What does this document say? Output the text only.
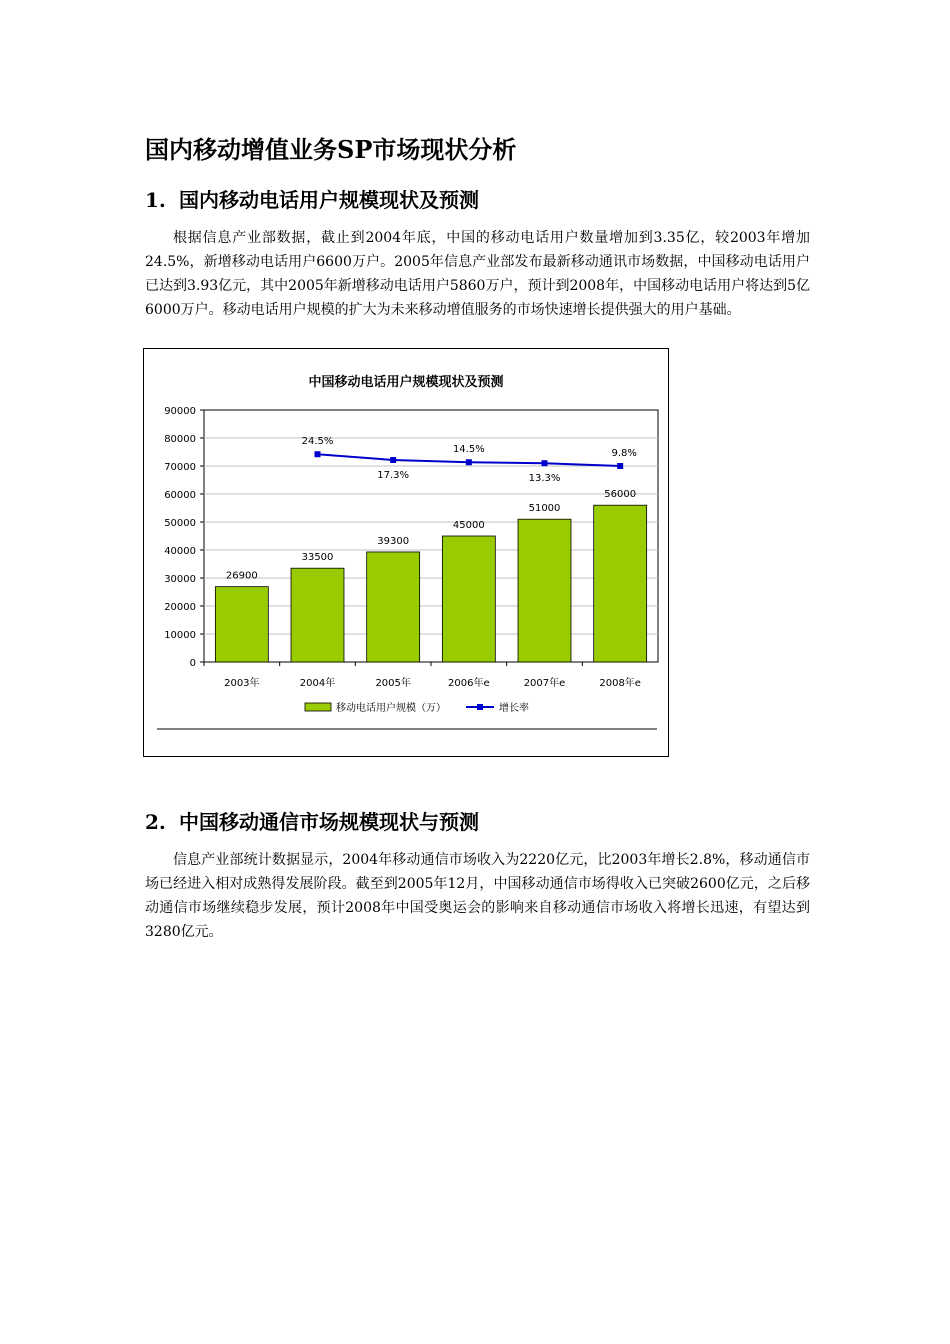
国内移动增值业务SP市场现状分析
1. 国内移动电话用户规模现状及预测
根据信息产业部数据，截止到2004年底，中国的移动电话用户数量增加到3.35亿，较2003年增加24.5%，新增移动电话用户6600万户。2005年信息产业部发布最新移动通讯市场数据，中国移动电话用户已达到3.93亿元，其中2005年新增移动电话用户5860万户，预计到2008年，中国移动电话用户将达到5亿6000万户。移动电话用户规模的扩大为未来移动增值服务的市场快速增长提供强大的用户基础。
中国移动电话用户规模现状及预测
0
10000
20000
30000
40000
50000
60000
70000
80000
90000
26900
2003年
33500
2004年
39300
2005年
45000
2006年e
51000
2007年e
56000
2008年e
24.5%
17.3%
14.5%
13.3%
9.8%
移动电话用户规模（万）	增长率
2. 中国移动通信市场规模现状与预测
信息产业部统计数据显示，2004年移动通信市场收入为2220亿元，比2003年增长2.8%，移动通信市场已经进入相对成熟得发展阶段。截至到2005年12月，中国移动通信市场得收入已突破2600亿元，之后移动通信市场继续稳步发展，预计2008年中国受奥运会的影响来自移动通信市场收入将增长迅速，有望达到3280亿元。
